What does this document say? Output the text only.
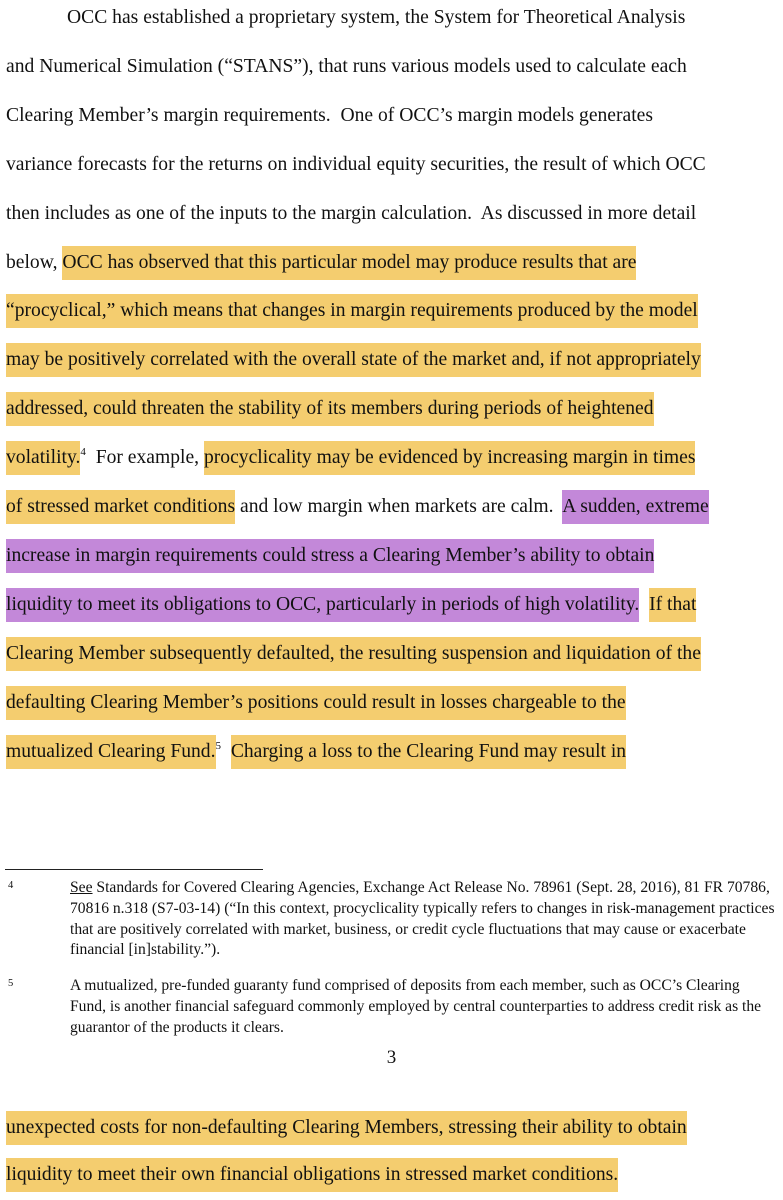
OCC has established a proprietary system, the System for Theoretical Analysis
and Numerical Simulation (“STANS”), that runs various models used to calculate each
Clearing Member’s margin requirements.  One of OCC’s margin models generates
variance forecasts for the returns on individual equity securities, the result of which OCC
then includes as one of the inputs to the margin calculation.  As discussed in more detail
below, OCC has observed that this particular model may produce results that are
“procyclical,” which means that changes in margin requirements produced by the model
may be positively correlated with the overall state of the market and, if not appropriately
addressed, could threaten the stability of its members during periods of heightened
volatility.$^4$  For example, procyclicality may be evidenced by increasing margin in times
of stressed market conditions and low margin when markets are calm.  A sudden, extreme
increase in margin requirements could stress a Clearing Member’s ability to obtain
liquidity to meet its obligations to OCC, particularly in periods of high volatility. If that
Clearing Member subsequently defaulted, the resulting suspension and liquidation of the
defaulting Clearing Member’s positions could result in losses chargeable to the
mutualized Clearing Fund.$^5$ Charging a loss to the Clearing Fund may result in
4	See Standards for Covered Clearing Agencies, Exchange Act Release No. 78961 (Sept. 28, 2016), 81 FR 70786, 70816 n.318 (S7-03-14) (“In this context, procyclicality typically refers to changes in risk-management practices that are positively correlated with market, business, or credit cycle fluctuations that may cause or exacerbate financial [in]stability.”).
5	A mutualized, pre-funded guaranty fund comprised of deposits from each member, such as OCC’s Clearing Fund, is another financial safeguard commonly employed by central counterparties to address credit risk as the guarantor of the products it clears.
3
unexpected costs for non-defaulting Clearing Members, stressing their ability to obtain
liquidity to meet their own financial obligations in stressed market conditions.
